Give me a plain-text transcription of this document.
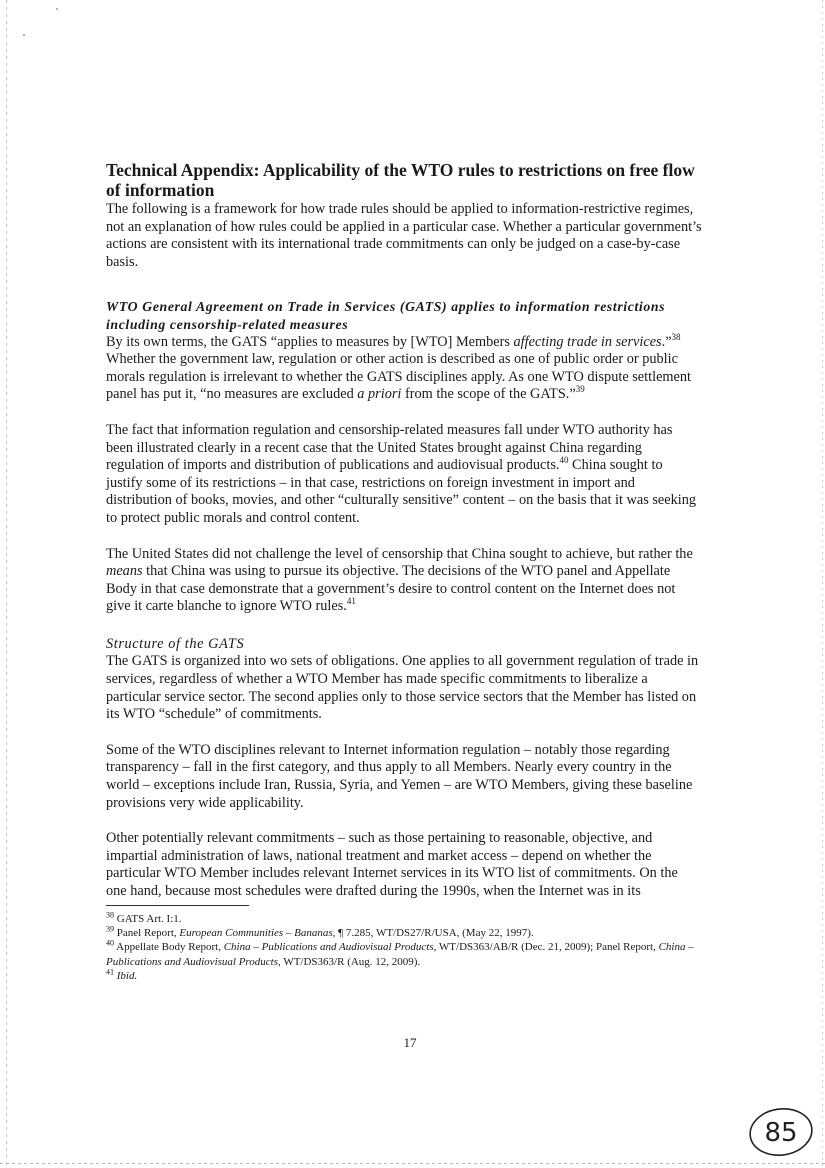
Technical Appendix: Applicability of the WTO rules to restrictions on free flow of information

The following is a framework for how trade rules should be applied to information-restrictive regimes, not an explanation of how rules could be applied in a particular case. Whether a particular government’s actions are consistent with its international trade commitments can only be judged on a case-by-case basis.

WTO General Agreement on Trade in Services (GATS) applies to information restrictions including censorship-related measures

By its own terms, the GATS “applies to measures by [WTO] Members affecting trade in services.”$^{38}$ Whether the government law, regulation or other action is described as one of public order or public morals regulation is irrelevant to whether the GATS disciplines apply. As one WTO dispute settlement panel has put it, “no measures are excluded a priori from the scope of the GATS.”$^{39}$

The fact that information regulation and censorship-related measures fall under WTO authority has been illustrated clearly in a recent case that the United States brought against China regarding regulation of imports and distribution of publications and audiovisual products.$^{40}$ China sought to justify some of its restrictions – in that case, restrictions on foreign investment in import and distribution of books, movies, and other “culturally sensitive” content – on the basis that it was seeking to protect public morals and control content.

The United States did not challenge the level of censorship that China sought to achieve, but rather the means that China was using to pursue its objective. The decisions of the WTO panel and Appellate Body in that case demonstrate that a government’s desire to control content on the Internet does not give it carte blanche to ignore WTO rules.$^{41}$

Structure of the GATS

The GATS is organized into wo sets of obligations. One applies to all government regulation of trade in services, regardless of whether a WTO Member has made specific commitments to liberalize a particular service sector. The second applies only to those service sectors that the Member has listed on its WTO “schedule” of commitments.

Some of the WTO disciplines relevant to Internet information regulation – notably those regarding transparency – fall in the first category, and thus apply to all Members. Nearly every country in the world – exceptions include Iran, Russia, Syria, and Yemen – are WTO Members, giving these baseline provisions very wide applicability.

Other potentially relevant commitments – such as those pertaining to reasonable, objective, and impartial administration of laws, national treatment and market access – depend on whether the particular WTO Member includes relevant Internet services in its WTO list of commitments. On the one hand, because most schedules were drafted during the 1990s, when the Internet was in its

$^{38}$ GATS Art. I:1.

$^{39}$ Panel Report, European Communities – Bananas, ¶ 7.285, WT/DS27/R/USA, (May 22, 1997).

$^{40}$ Appellate Body Report, China – Publications and Audiovisual Products, WT/DS363/AB/R (Dec. 21, 2009); Panel Report, China – Publications and Audiovisual Products, WT/DS363/R (Aug. 12, 2009).

$^{41}$ Ibid.

17
85
